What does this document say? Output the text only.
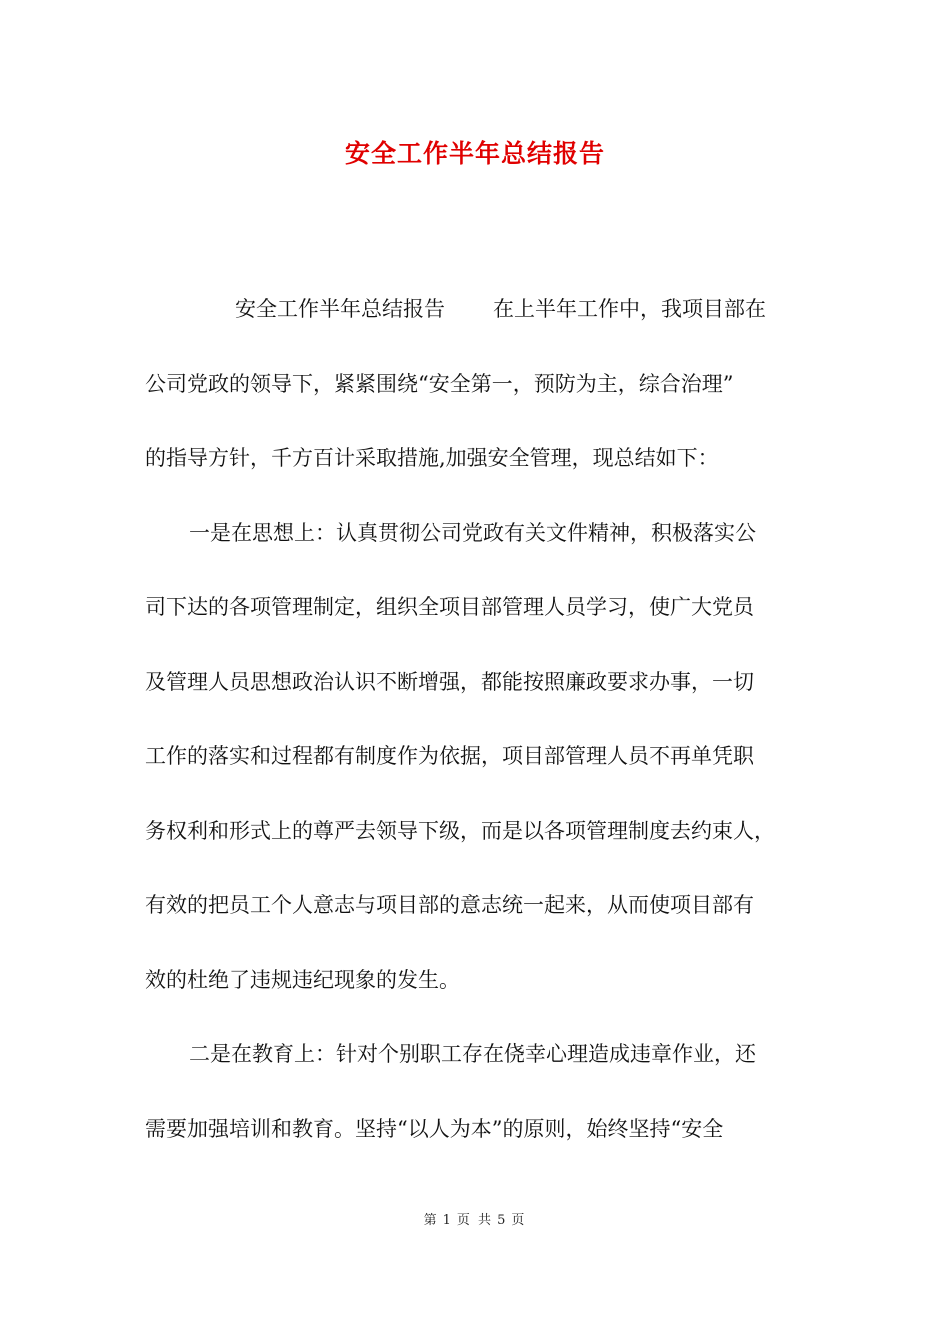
安全工作半年总结报告
安全工作半年总结报告 在上半年工作中，我项目部在
公司党政的领导下，紧紧围绕“安全第一，预防为主，综合治理”
的指导方针，千方百计采取措施,加强安全管理，现总结如下：
一是在思想上：认真贯彻公司党政有关文件精神，积极落实公
司下达的各项管理制定，组织全项目部管理人员学习，使广大党员
及管理人员思想政治认识不断增强，都能按照廉政要求办事，一切
工作的落实和过程都有制度作为依据，项目部管理人员不再单凭职
务权利和形式上的尊严去领导下级，而是以各项管理制度去约束人，
有效的把员工个人意志与项目部的意志统一起来，从而使项目部有
效的杜绝了违规违纪现象的发生。
二是在教育上：针对个别职工存在侥幸心理造成违章作业，还
需要加强培训和教育。坚持“以人为本”的原则，始终坚持“安全
第 1 页 共 5 页
